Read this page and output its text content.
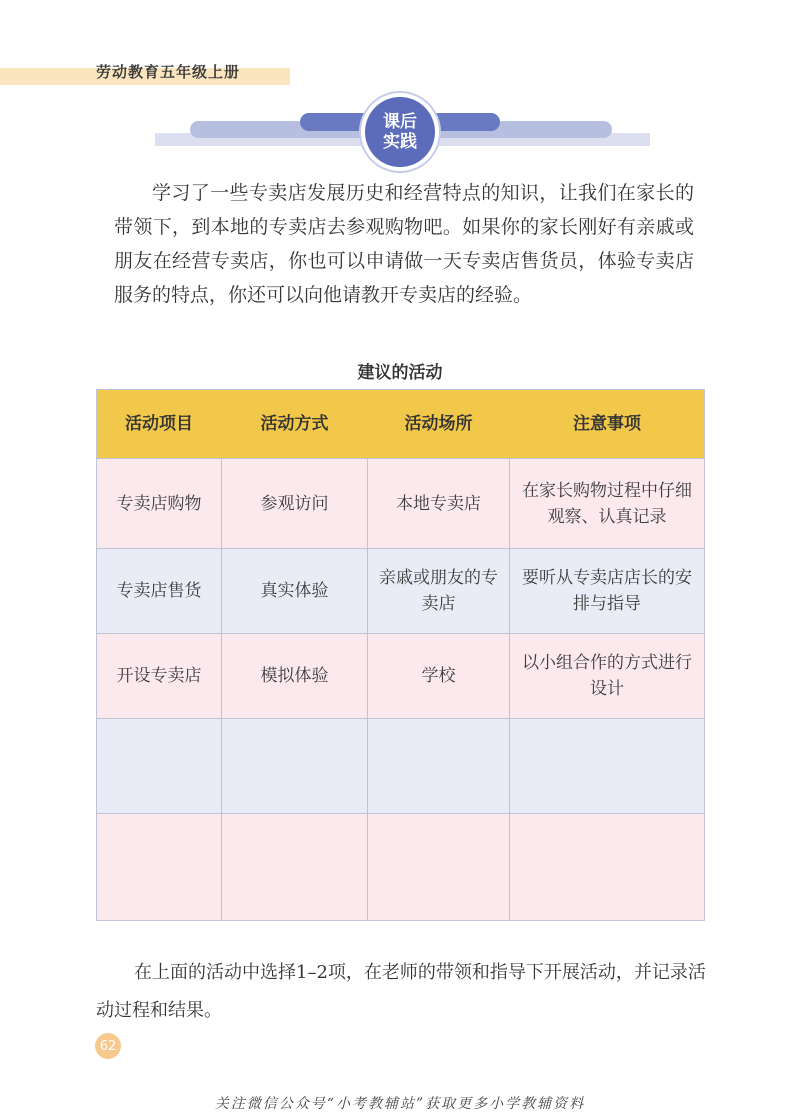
劳动教育五年级上册
课后
实践

学习了一些专卖店发展历史和经营特点的知识，让我们在家长的带领下，到本地的专卖店去参观购物吧。如果你的家长刚好有亲戚或朋友在经营专卖店，你也可以申请做一天专卖店售货员，体验专卖店服务的特点，你还可以向他请教开专卖店的经验。

建议的活动
活动项目	活动方式	活动场所	注意事项
专卖店购物	参观访问	本地专卖店	在家长购物过程中仔细观察、认真记录
专卖店售货	真实体验	亲戚或朋友的专卖店	要听从专卖店店长的安排与指导
开设专卖店	模拟体验	学校	以小组合作的方式进行设计

在上面的活动中选择1–2项，在老师的带领和指导下开展活动，并记录活动过程和结果。

62
关注微信公众号“小考教辅站”获取更多小学教辅资料
